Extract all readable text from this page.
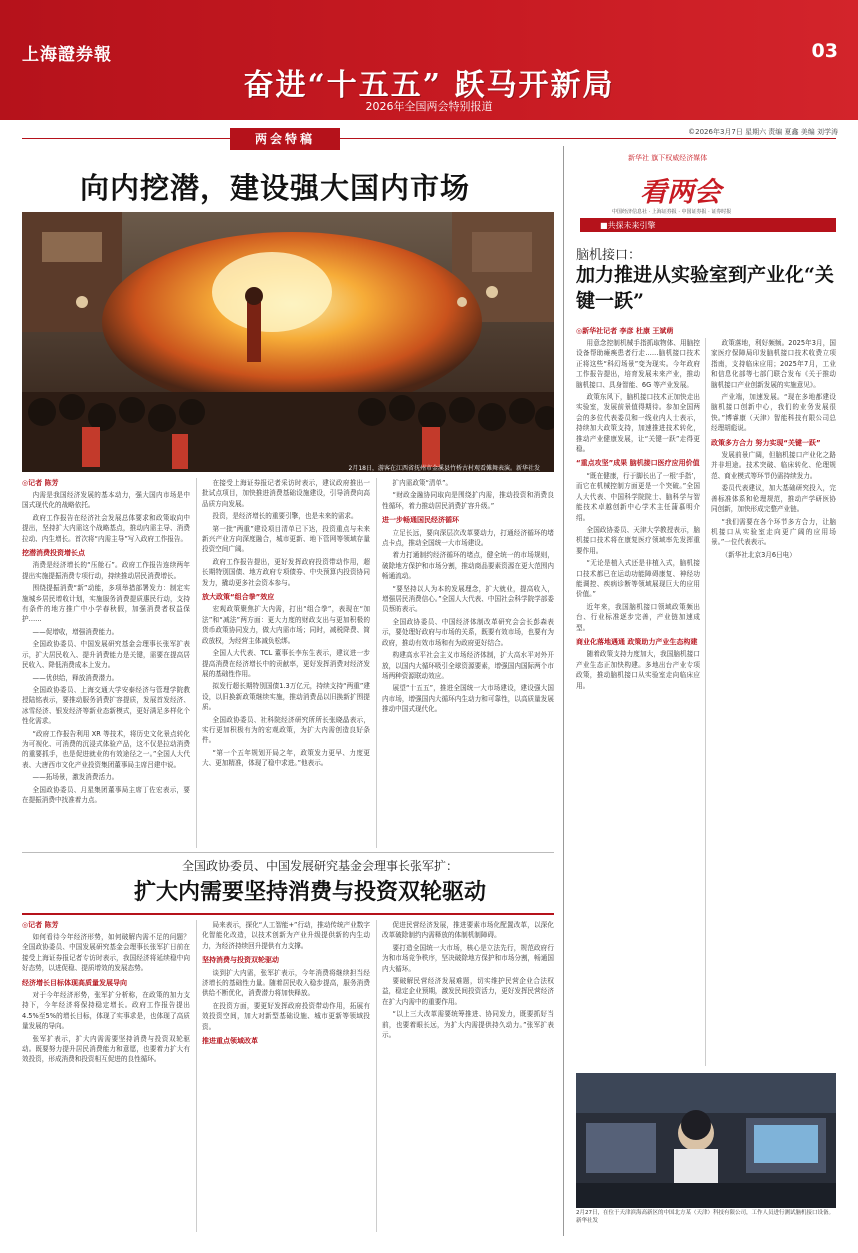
上海證券報	03
奋进“十五五” 跃马开新局
2026年全国两会特别报道
©2026年3月7日 星期六 责编 夏鑫 美编 刘学涛
两会特稿
向内挖潜，建设强大国内市场
2月18日，游客在江西省抚州市金溪县竹桥古村观看傩舞表演。新华社发
◎记者 陈芳

内需是我国经济发展的基本动力，强大国内市场是中国式现代化的战略依托。

政府工作报告在经济社会发展总体要求和政策取向中提出，坚持扩大内需这个战略基点，推动内需主导、消费拉动、内生增长。首次将“内需主导”写入政府工作报告。

挖潜消费投资增长点

消费是经济增长的“压舱石”。政府工作报告连续两年提出实施提振消费专项行动，持续推动居民消费增长。

围绕提振消费“新”动能，多项举措部署发力：制定实施城乡居民增收计划，实施服务消费提质惠民行动，支持有条件的地方推广中小学春秋假，加强消费者权益保护……

——促增收，增强消费能力。

全国政协委员、中国发展研究基金会理事长张军扩表示，扩大居民收入、提升消费能力是关键，需要在提高居民收入、降低消费成本上发力。

——优供给，释放消费潜力。

全国政协委员、上海交通大学安泰经济与管理学院教授陆铭表示，要推动服务消费扩容提质，发展首发经济、冰雪经济、银发经济等新业态新模式，更好满足多样化个性化需求。

“政府工作报告利用 XR 等技术，将历史文化景点转化为可视化、可消费的沉浸式体验产品，这不仅是拉动消费的重要抓手，也是促进就业的有效途径之一。”全国人大代表、大唐西市文化产业投资集团董事局主席吕建中说。

——拓场景，激发消费活力。

全国政协委员、月星集团董事局主席丁佐宏表示，要在提振消费中找准着力点。

在接受上海证券报记者采访时表示，建议政府推出一批试点项目，加快推进消费基础设施建设，引导消费向高品质方向发展。

投资，是经济增长的重要引擎，也是未来的需求。

第一批“两重”建设项目清单已下达，投资重点与未来新兴产业方向深度融合，城市更新、地下管网等领域存量投资空间广阔。

政府工作报告提出，更好发挥政府投资带动作用，超长期特别国债、地方政府专项债券、中央预算内投资协同发力，撬动更多社会资本参与。

放大政策“组合拳”效应

宏观政策聚焦扩大内需，打出“组合拳”，表现在“加法”和“减法”两方面：更大力度的财政支出与更加积极的货币政策协同发力，做大内需市场；同时，减税降费、简政放权，为经营主体减负松绑。

全国人大代表、TCL 董事长李东生表示，建议进一步提高消费在经济增长中的贡献率，更好发挥消费对经济发展的基础性作用。

拟发行超长期特别国债1.3万亿元，持续支持“两重”建设，以旧换新政策继续实施，推动消费品以旧换新扩围提质。

全国政协委员、社科院经济研究所所长张晓晶表示，实行更加积极有为的宏观政策，为扩大内需创造良好条件。

“第一个五年规划开局之年，政策发力更早、力度更大、更加精准，体现了稳中求进。”他表示。

扩内需政策“清单”。

“财政金融协同取向是围绕扩内需，推动投资和消费良性循环，着力推动居民消费扩容升级。”

进一步畅通国民经济循环

立足长远，要向深层次改革要动力，打通经济循环的堵点卡点，推动全国统一大市场建设。

着力打通制约经济循环的堵点，健全统一的市场规则，破除地方保护和市场分割，推动商品要素资源在更大范围内畅通流动。

“要坚持以人为本的发展理念，扩大就业，提高收入，增强居民消费信心。”全国人大代表、中国社会科学院学部委员蔡昉表示。

全国政协委员、中国经济体制改革研究会会长彭森表示，要处理好政府与市场的关系，既要有效市场，也要有为政府，推动有效市场和有为政府更好结合。

构建高水平社会主义市场经济体制，扩大高水平对外开放，以国内大循环吸引全球资源要素，增强国内国际两个市场两种资源联动效应。

展望“十五五”，推进全国统一大市场建设，建设强大国内市场，增强国内大循环内生动力和可靠性，以高质量发展推动中国式现代化。

全国政协委员、中国发展研究基金会理事长张军扩：
扩大内需要坚持消费与投资双轮驱动
◎记者 陈芳

如何看待今年经济形势，如何破解内需不足的问题？全国政协委员、中国发展研究基金会理事长张军扩日前在接受上海证券报记者专访时表示，我国经济将延续稳中向好态势，以进促稳、提质增效的发展态势。

经济增长目标体现高质量发展导向

对于今年经济形势，张军扩分析称，在政策的加力支持下，今年经济将保持稳定增长。政府工作报告提出4.5%至5%的增长目标，体现了实事求是，也体现了高质量发展的导向。

张军扩表示，扩大内需需要坚持消费与投资双轮驱动。既要努力提升居民消费能力和意愿，也要着力扩大有效投资，形成消费和投资相互促进的良性循环。

局来表示，探化“人工智能+”行动，推动传统产业数字化智能化改造，以技术创新为产业升级提供新的内生动力，为经济持续回升提供有力支撑。

坚持消费与投资双轮驱动

谈到扩大内需，张军扩表示，今年消费将继续担当经济增长的基础性力量。随着居民收入稳步提高，服务消费供给不断优化，消费潜力将加快释放。

在投资方面，要更好发挥政府投资带动作用，拓展有效投资空间，加大对新型基础设施、城市更新等领域投资。

推进重点领域改革

促进民营经济发展，推进要素市场化配置改革，以深化改革破除制约内需释放的体制机制障碍。

要打造全国统一大市场，核心是立法先行，规范政府行为和市场竞争秩序，坚决破除地方保护和市场分割，畅通国内大循环。

要破解民营经济发展难题，切实维护民营企业合法权益，稳定企业预期，激发民间投资活力，更好发挥民营经济在扩大内需中的重要作用。

“以上三大改革需要统筹推进、协同发力，既要抓好当前，也要着眼长远，为扩大内需提供持久动力。”张军扩表示。

新华社 旗下权威经济媒体
看两会
中国经济信息社 · 上海证券报 · 中国证券报 · 证券时报
■共探未来引擎
脑机接口：
加力推进从实验室到产业化“关键一跃”
◎新华社记者 李彦 杜康 王斌萌

用意念控制机械手指抓取物体、用脑控设备帮助瘫痪患者行走……脑机接口技术正将这些“科幻场景”变为现实。今年政府工作报告提出，培育发展未来产业，推动脑机接口、具身智能、6G 等产业发展。

政策东风下，脑机接口技术正加快走出实验室，发展前景值得期待。参加全国两会的多位代表委员和一线业内人士表示，持续加大政策支持，加速推进技术转化，推动产业健康发展，让“关键一跃”走得更稳。

“重点攻坚”成果 脑机接口医疗应用价值

“既在健康，行于脚长出了一根‘手指’，而它在机械控制方面更是一个突破。”全国人大代表、中国科学院院士、脑科学与智能技术卓越创新中心学术主任蒲慕明介绍。

全国政协委员、天津大学教授表示，脑机接口技术将在康复医疗领域率先发挥重要作用。

“无论是植入式还是非植入式，脑机接口技术都已在运动功能障碍康复、神经功能调控、疾病诊断等领域展现巨大的应用价值。”

近年来，我国脑机接口领域政策频出台、行业标准逐步完善，产业链加速成型。

商业化落地遇通 政策助力产业生态构建

随着政策支持力度加大，我国脑机接口产业生态正加快构建。多地出台产业专项政策，推动脑机接口从实验室走向临床应用。

政策落地，利好频频。2025年3月，国家医疗保障局印发脑机接口技术收费立项指南，支持临床应用；2025年7月，工业和信息化部等七部门联合发布《关于推动脑机接口产业创新发展的实施意见》。

产业端，加速发展。“现在多地都建设脑机接口创新中心，我们的业务发展很快。”博睿康（天津）智能科技有限公司总经理胡彪说。

政策多方合力 努力实现“关键一跃”

发展前景广阔，但脑机接口产业化之路并非坦途。技术突破、临床转化、伦理规范、商业模式等环节仍需持续发力。

委员代表建议，加大基础研究投入，完善标准体系和伦理规范，推动产学研医协同创新，加快形成完整产业链。

“我们需要在各个环节多方合力，让脑机接口从实验室走向更广阔的应用场景。”一位代表表示。

（新华社北京3月6日电）

2月27日，在位于天津滨海高新区的中国北方某（天津）科技有限公司，工作人员进行测试脑机接口设备。新华社发
